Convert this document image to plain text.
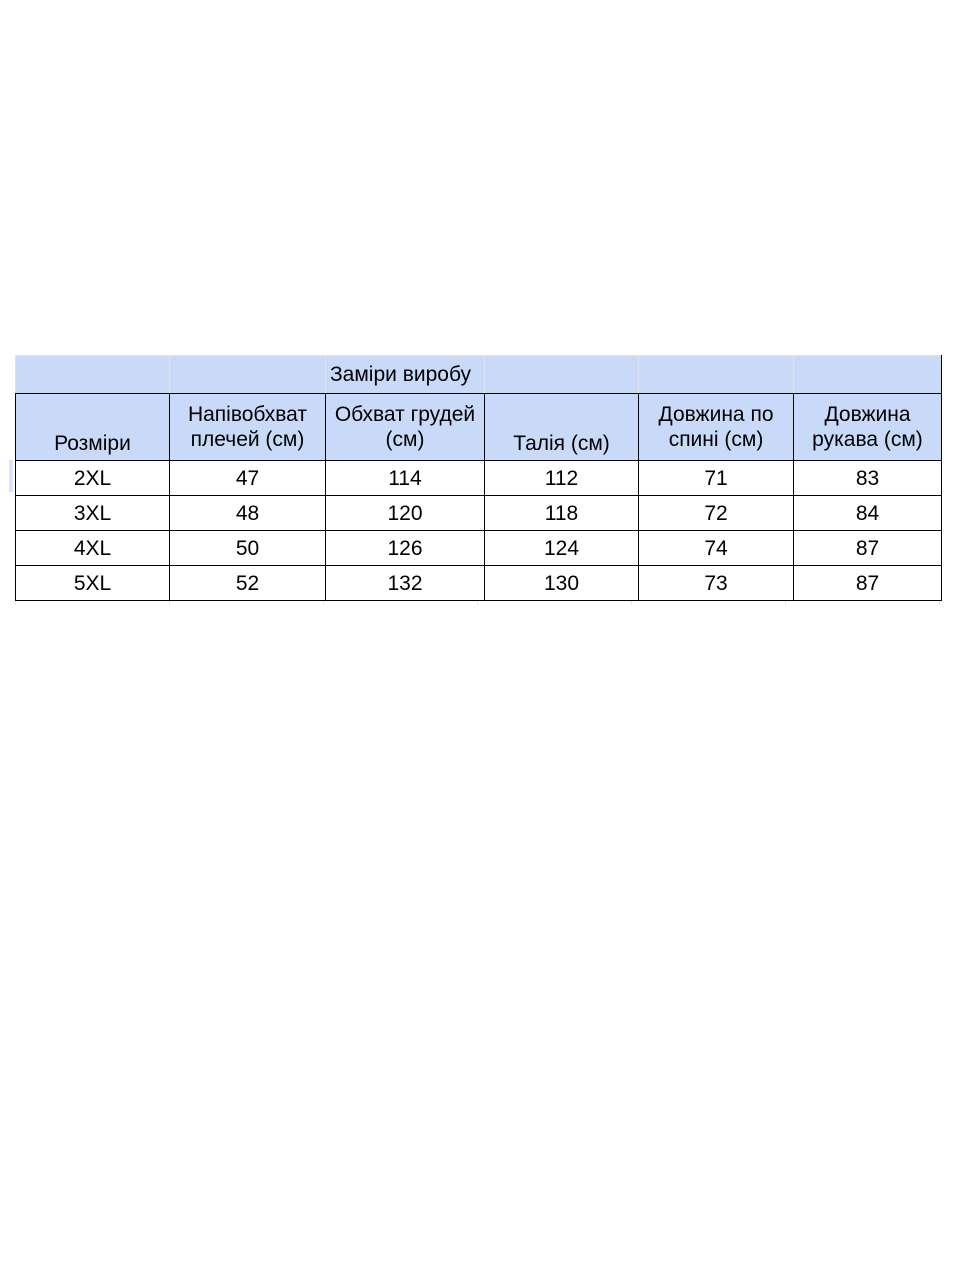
		Заміри виробу			

Розміри	Напівобхват плечей (см)	Обхват грудей (см)	Талія (см)	Довжина по спині (см)	Довжина рукава (см)
2XL	47	114	112	71	83
3XL	48	120	118	72	84
4XL	50	126	124	74	87
5XL	52	132	130	73	87
